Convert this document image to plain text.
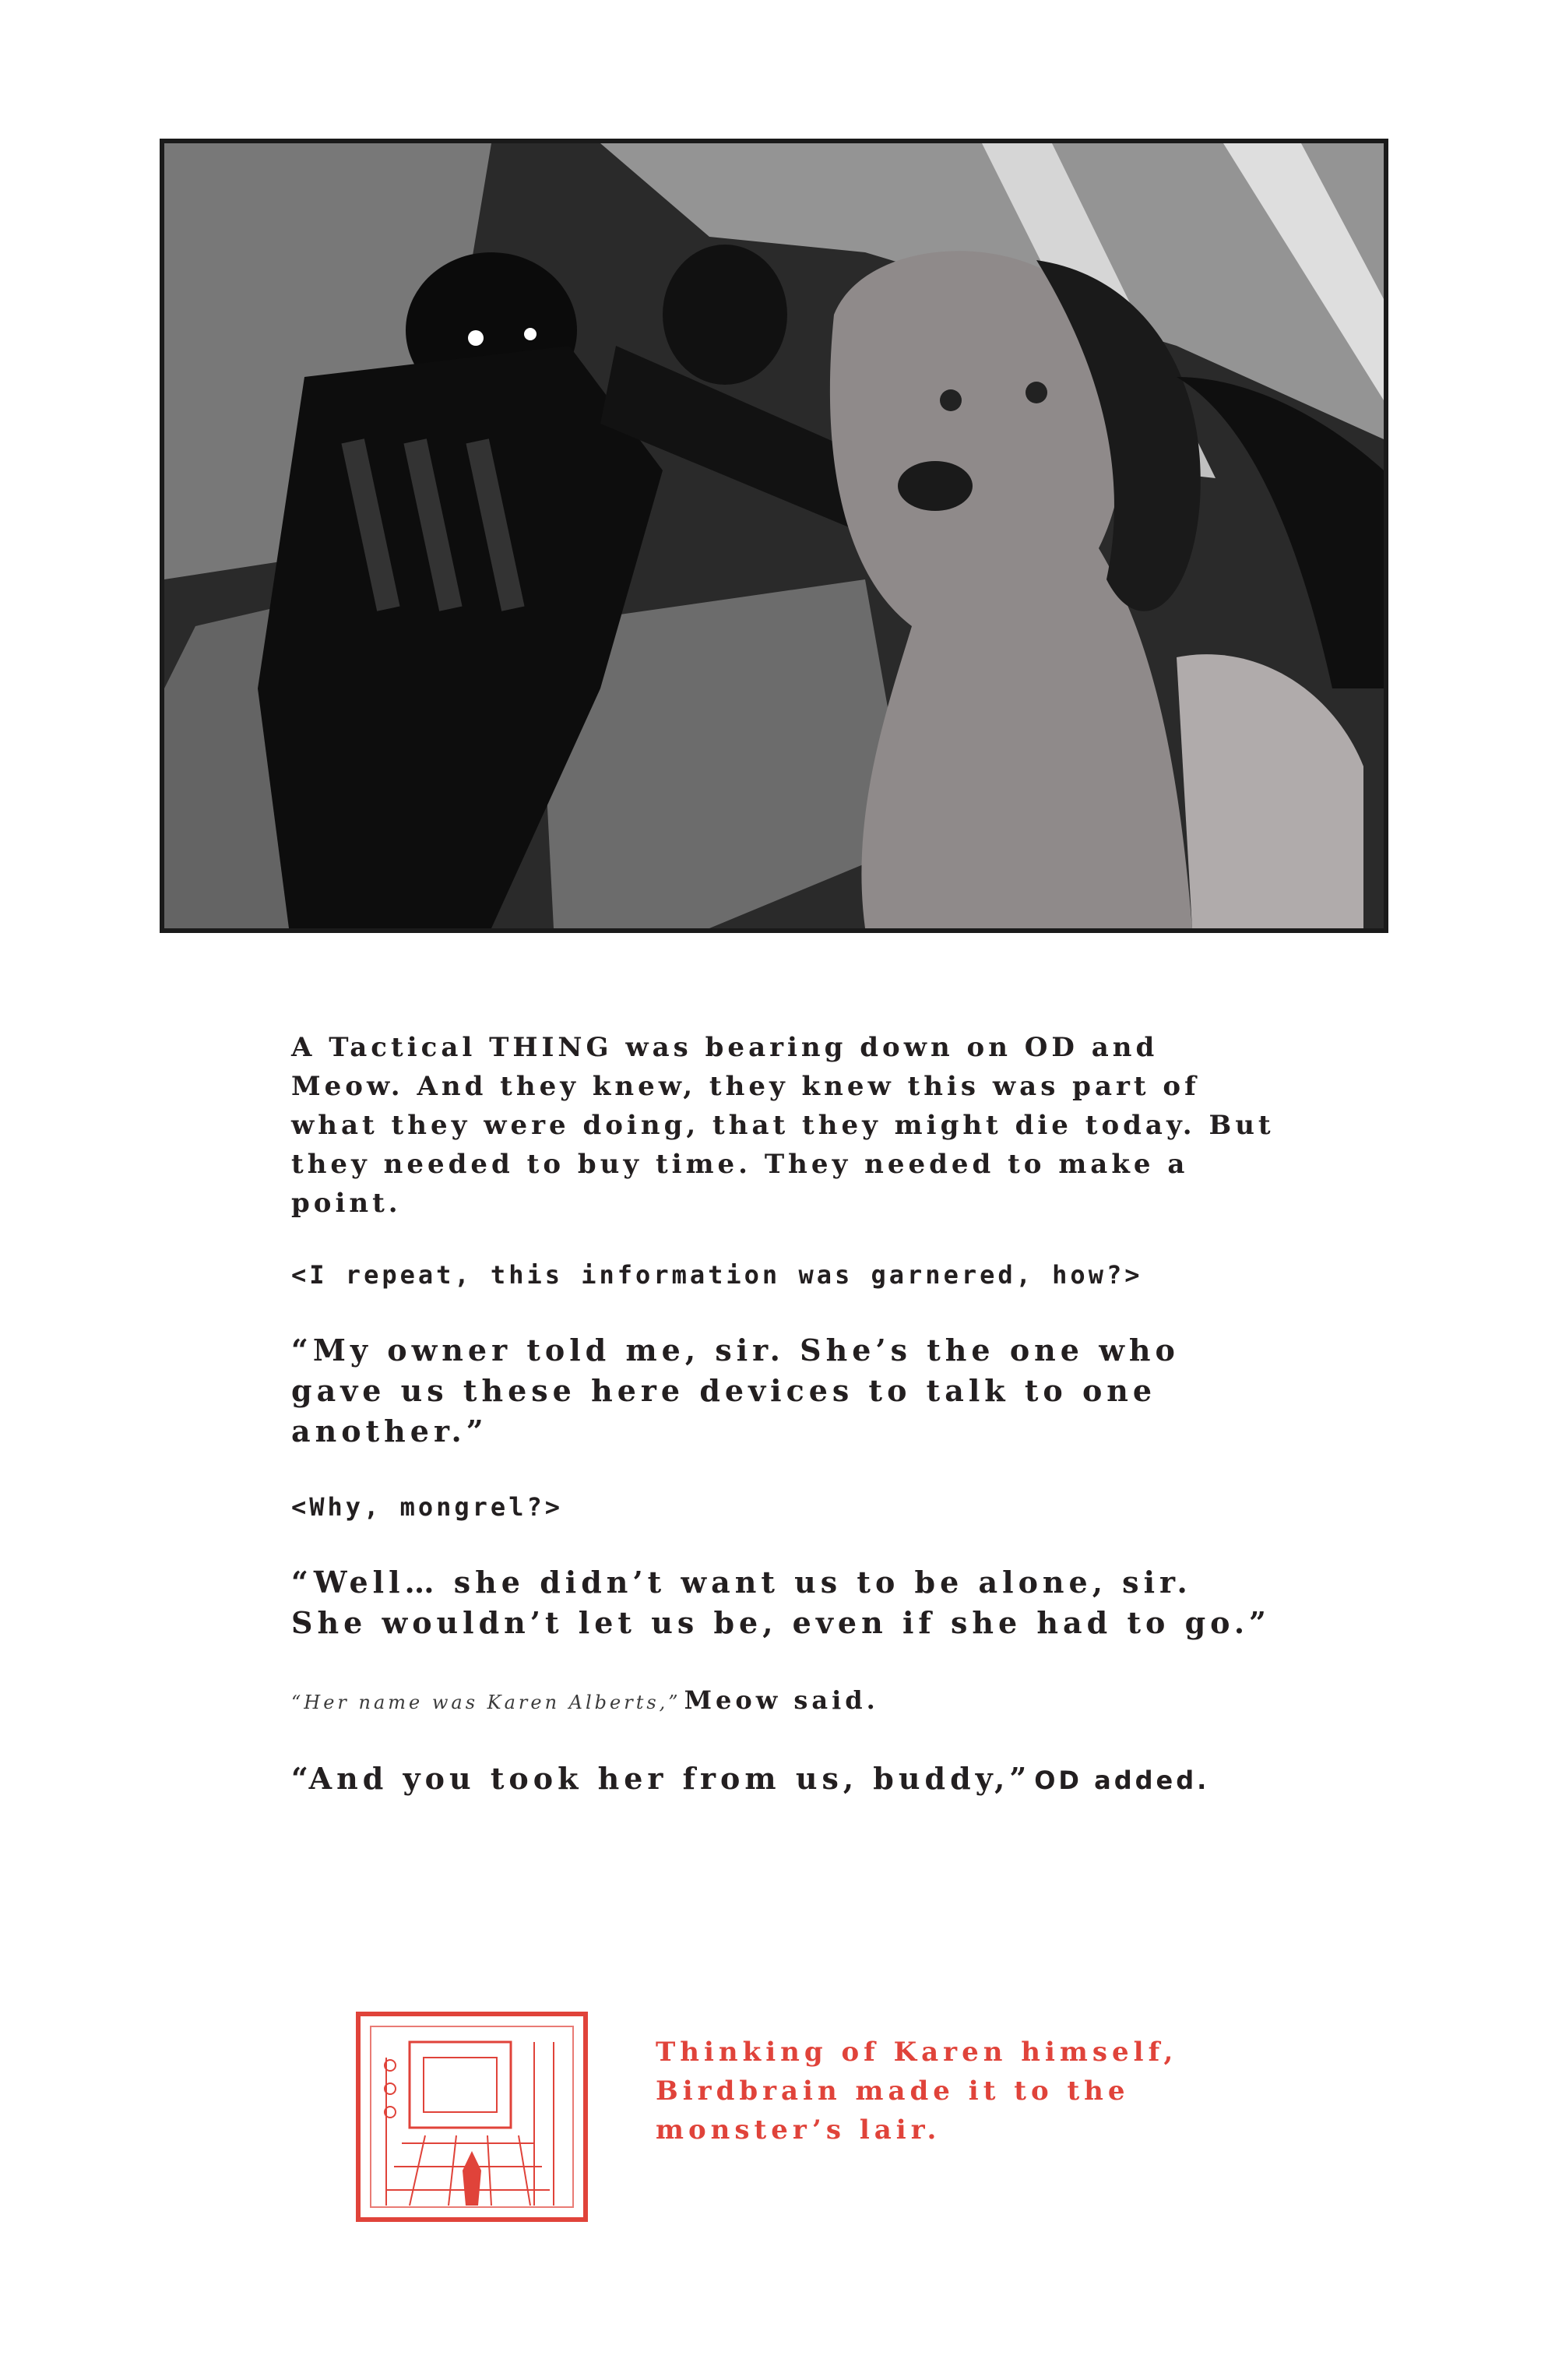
A Tactical THING was bearing down on OD and Meow. And they knew, they knew this was part of what they were doing, that they might die today. But they needed to buy time. They needed to make a point.

<I repeat, this information was garnered, how?>

“My owner told me, sir. She’s the one who gave us these here devices to talk to one another.”

<Why, mongrel?>

“Well… she didn’t want us to be alone, sir. She wouldn’t let us be, even if she had to go.”

“Her name was Karen Alberts,” Meow said.

“And you took her from us, buddy,” OD added.

Thinking of Karen himself, Birdbrain made it to the monster’s lair.
